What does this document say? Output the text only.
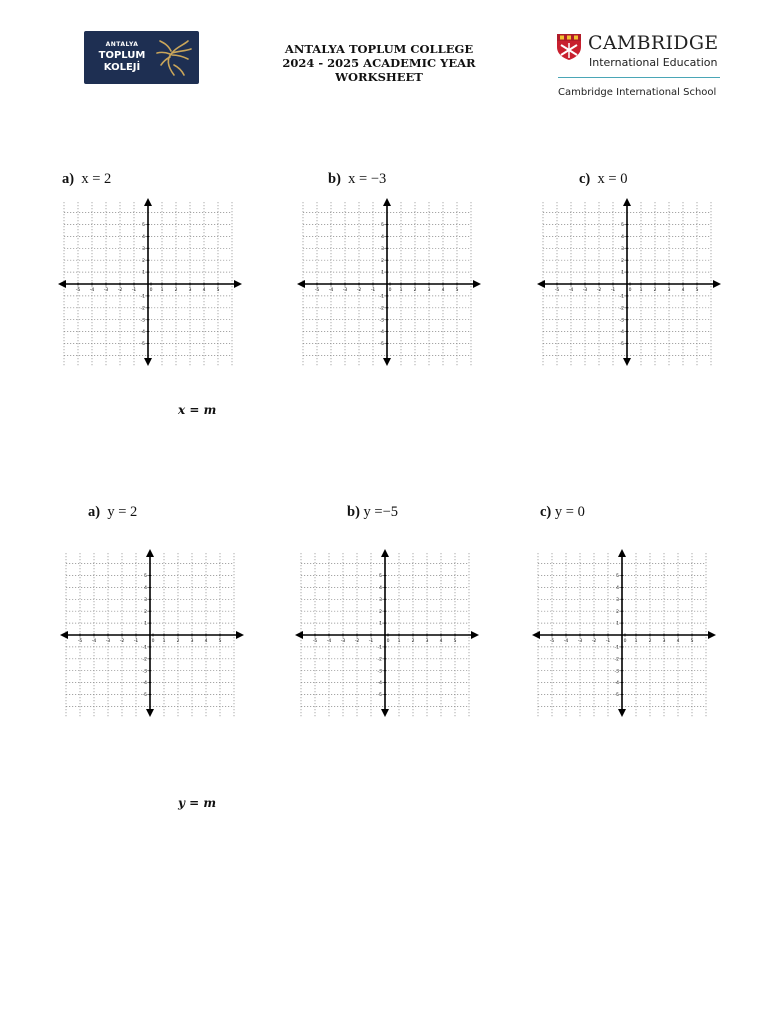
ANTALYA
TOPLUM
KOLEJİ
ANTALYA TOPLUM COLLEGE
2024 - 2025 ACADEMIC YEAR
WORKSHEET
CAMBRIDGE
International Education
Cambridge International School
a) x = 2	b) x = −3	c) x = 0
-5 -4 -3 -2 -1	0 1 2 3 4 5
5
4
3
2
1
-1
-2
-3
-4
-5
-5 -4 -3 -2 -1	0 1 2 3 4 5
5
4
3
2
1
-1
-2
-3
-4
-5
-5 -4 -3 -2 -1	0 1 2 3 4 5
5
4
3
2
1
-1
-2
-3
-4
-5
x = m
a) y = 2	b) y =−5	c) y = 0
-5 -4 -3 -2 -1	0 1 2 3 4 5
5
4
3
2
1
-1
-2
-3
-4
-5
-5 -4 -3 -2 -1	0 1 2 3 4 5
5
4
3
2
1
-1
-2
-3
-4
-5
-5 -4 -3 -2 -1	0 1 2 3 4 5
5
4
3
2
1
-1
-2
-3
-4
-5
y = m
